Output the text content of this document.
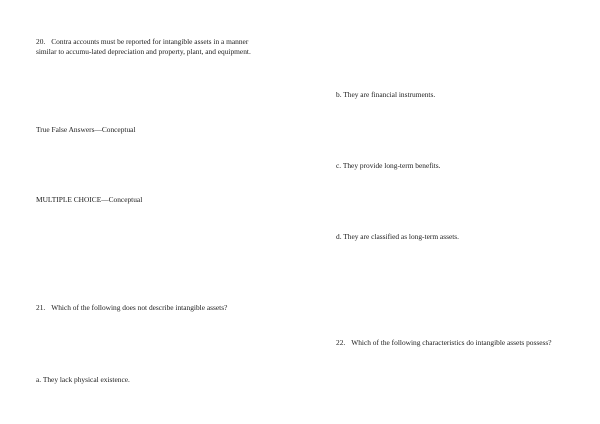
20. Contra accounts must be reported for intangible assets in a manner similar to accumu-lated depreciation and property, plant, and equipment.
True False Answers—Conceptual
MULTIPLE CHOICE—Conceptual
21. Which of the following does not describe intangible assets?
a. They lack physical existence.
b. They are financial instruments.
c. They provide long-term benefits.
d. They are classified as long-term assets.
22. Which of the following characteristics do intangible assets possess?
